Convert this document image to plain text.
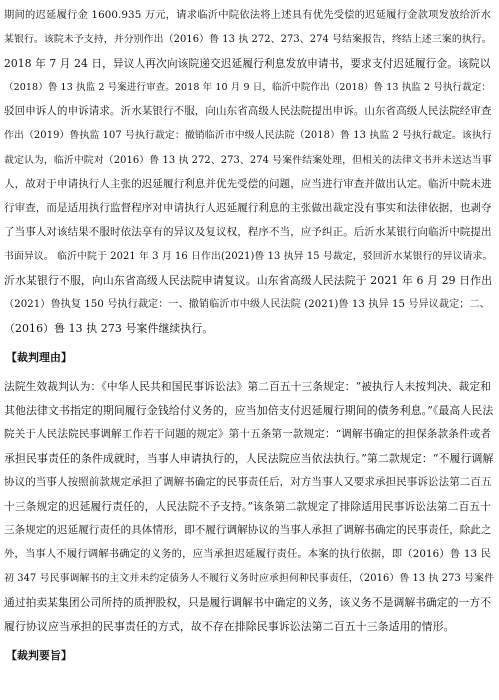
期间的迟延履行金 1600.935 万元，请求临沂中院依法将上述具有优先受偿的迟延履行金款项发放给沂水
某银行。该院未予支持，并分别作出（2016）鲁 13 执 272、273、274 号结案报告，终结上述三案的执行。
2018 年 7 月 24 日，异议人再次向该院递交迟延履行利息发放申请书，要求支付迟延履行金。该院以
（2018）鲁 13 执监 2 号案进行审查。2018 年 10 月 9 日，临沂中院作出（2018）鲁 13 执监 2 号执行裁定：
驳回申诉人的申诉请求。沂水某银行不服，向山东省高级人民法院提出申诉。山东省高级人民法院经审查
作出（2019）鲁执监 107 号执行裁定：撤销临沂市中级人民法院（2018）鲁 13 执监 2 号执行裁定。该执行
裁定认为，临沂中院对（2016）鲁 13 执 272、273、274 号案件结案处理，但相关的法律文书并未送达当事
人，故对于申请执行人主张的迟延履行利息并优先受偿的问题，应当进行审查并做出认定。临沂中院未进
行审查，而是适用执行监督程序对申请执行人迟延履行利息的主张做出裁定没有事实和法律依据，也剥夺
了当事人对该结果不服时依法享有的异议及复议权，程序不当，应予纠正。后沂水某银行向临沂中院提出
书面异议。 临沂中院于 2021 年 3 月 16 日作出(2021)鲁 13 执异 15 号裁定，驳回沂水某银行的异议请求。
沂水某银行不服，向山东省高级人民法院申请复议。山东省高级人民法院于 2021 年 6 月 29 日作出
（2021）鲁执复 150 号执行裁定：一、撤销临沂市中级人民法院 (2021)鲁 13 执异 15 号异议裁定；二、
（2016）鲁 13 执 273 号案件继续执行。
【裁判理由】
法院生效裁判认为：《中华人民共和国民事诉讼法》第二百五十三条规定：“被执行人未按判决、裁定和
其他法律文书指定的期间履行金钱给付义务的，应当加倍支付迟延履行期间的债务利息。”《最高人民法
院关于人民法院民事调解工作若干问题的规定》第十五条第一款规定：“调解书确定的担保条款条件或者
承担民事责任的条件成就时，当事人申请执行的，人民法院应当依法执行。”第二款规定：“不履行调解
协议的当事人按照前款规定承担了调解书确定的民事责任后，对方当事人又要求承担民事诉讼法第二百五
十三条规定的迟延履行责任的，人民法院不予支持。”该条第二款规定了排除适用民事诉讼法第二百五十
三条规定的迟延履行责任的具体情形，即不履行调解协议的当事人承担了调解书确定的民事责任，除此之
外，当事人不履行调解书确定的义务的，应当承担迟延履行责任。本案的执行依据，即（2016）鲁 13 民
初 347 号民事调解书的主文并未约定债务人不履行义务时应承担何种民事责任，（2016）鲁 13 执 273 号案件
通过拍卖某集团公司所持的质押股权，只是履行调解书中确定的义务，该义务不是调解书确定的一方不
履行协议应当承担的民事责任的方式，故不存在排除民事诉讼法第二百五十三条适用的情形。
【裁判要旨】
